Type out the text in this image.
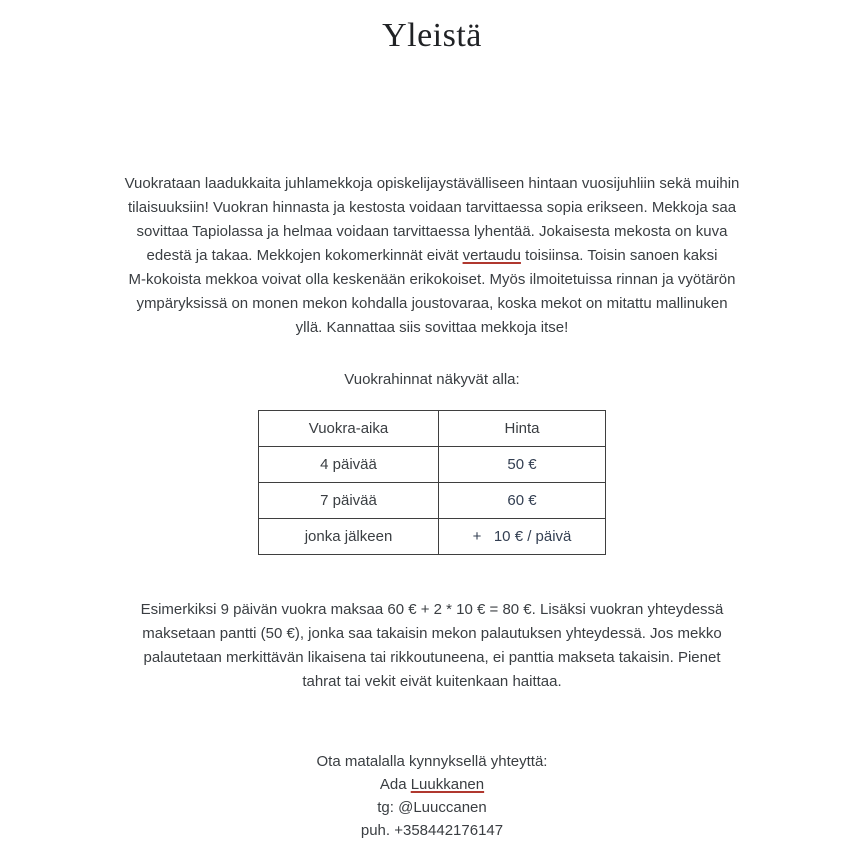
Yleistä

Vuokrataan laadukkaita juhlamekkoja opiskelijaystävälliseen hintaan vuosijuhliin sekä muihin
tilaisuuksiin! Vuokran hinnasta ja kestosta voidaan tarvittaessa sopia erikseen. Mekkoja saa
sovittaa Tapiolassa ja helmaa voidaan tarvittaessa lyhentää. Jokaisesta mekosta on kuva
edestä ja takaa. Mekkojen kokomerkinnät eivät vertaudu toisiinsa. Toisin sanoen kaksi
M-kokoista mekkoa voivat olla keskenään erikokoiset. Myös ilmoitetuissa rinnan ja vyötärön
ympäryksissä on monen mekon kohdalla joustovaraa, koska mekot on mitattu mallinuken
yllä. Kannattaa siis sovittaa mekkoja itse!

Vuokrahinnat näkyvät alla:

Vuokra-aika	Hinta
4 päivää	50 €
7 päivää	60 €
jonka jälkeen	+   10 € / päivä

Esimerkiksi 9 päivän vuokra maksaa 60 € + 2 * 10 € = 80 €. Lisäksi vuokran yhteydessä
maksetaan pantti (50 €), jonka saa takaisin mekon palautuksen yhteydessä. Jos mekko
palautetaan merkittävän likaisena tai rikkoutuneena, ei panttia makseta takaisin. Pienet
tahrat tai vekit eivät kuitenkaan haittaa.

Ota matalalla kynnyksellä yhteyttä:
Ada Luukkanen
tg: @Luuccanen
puh. +358442176147
